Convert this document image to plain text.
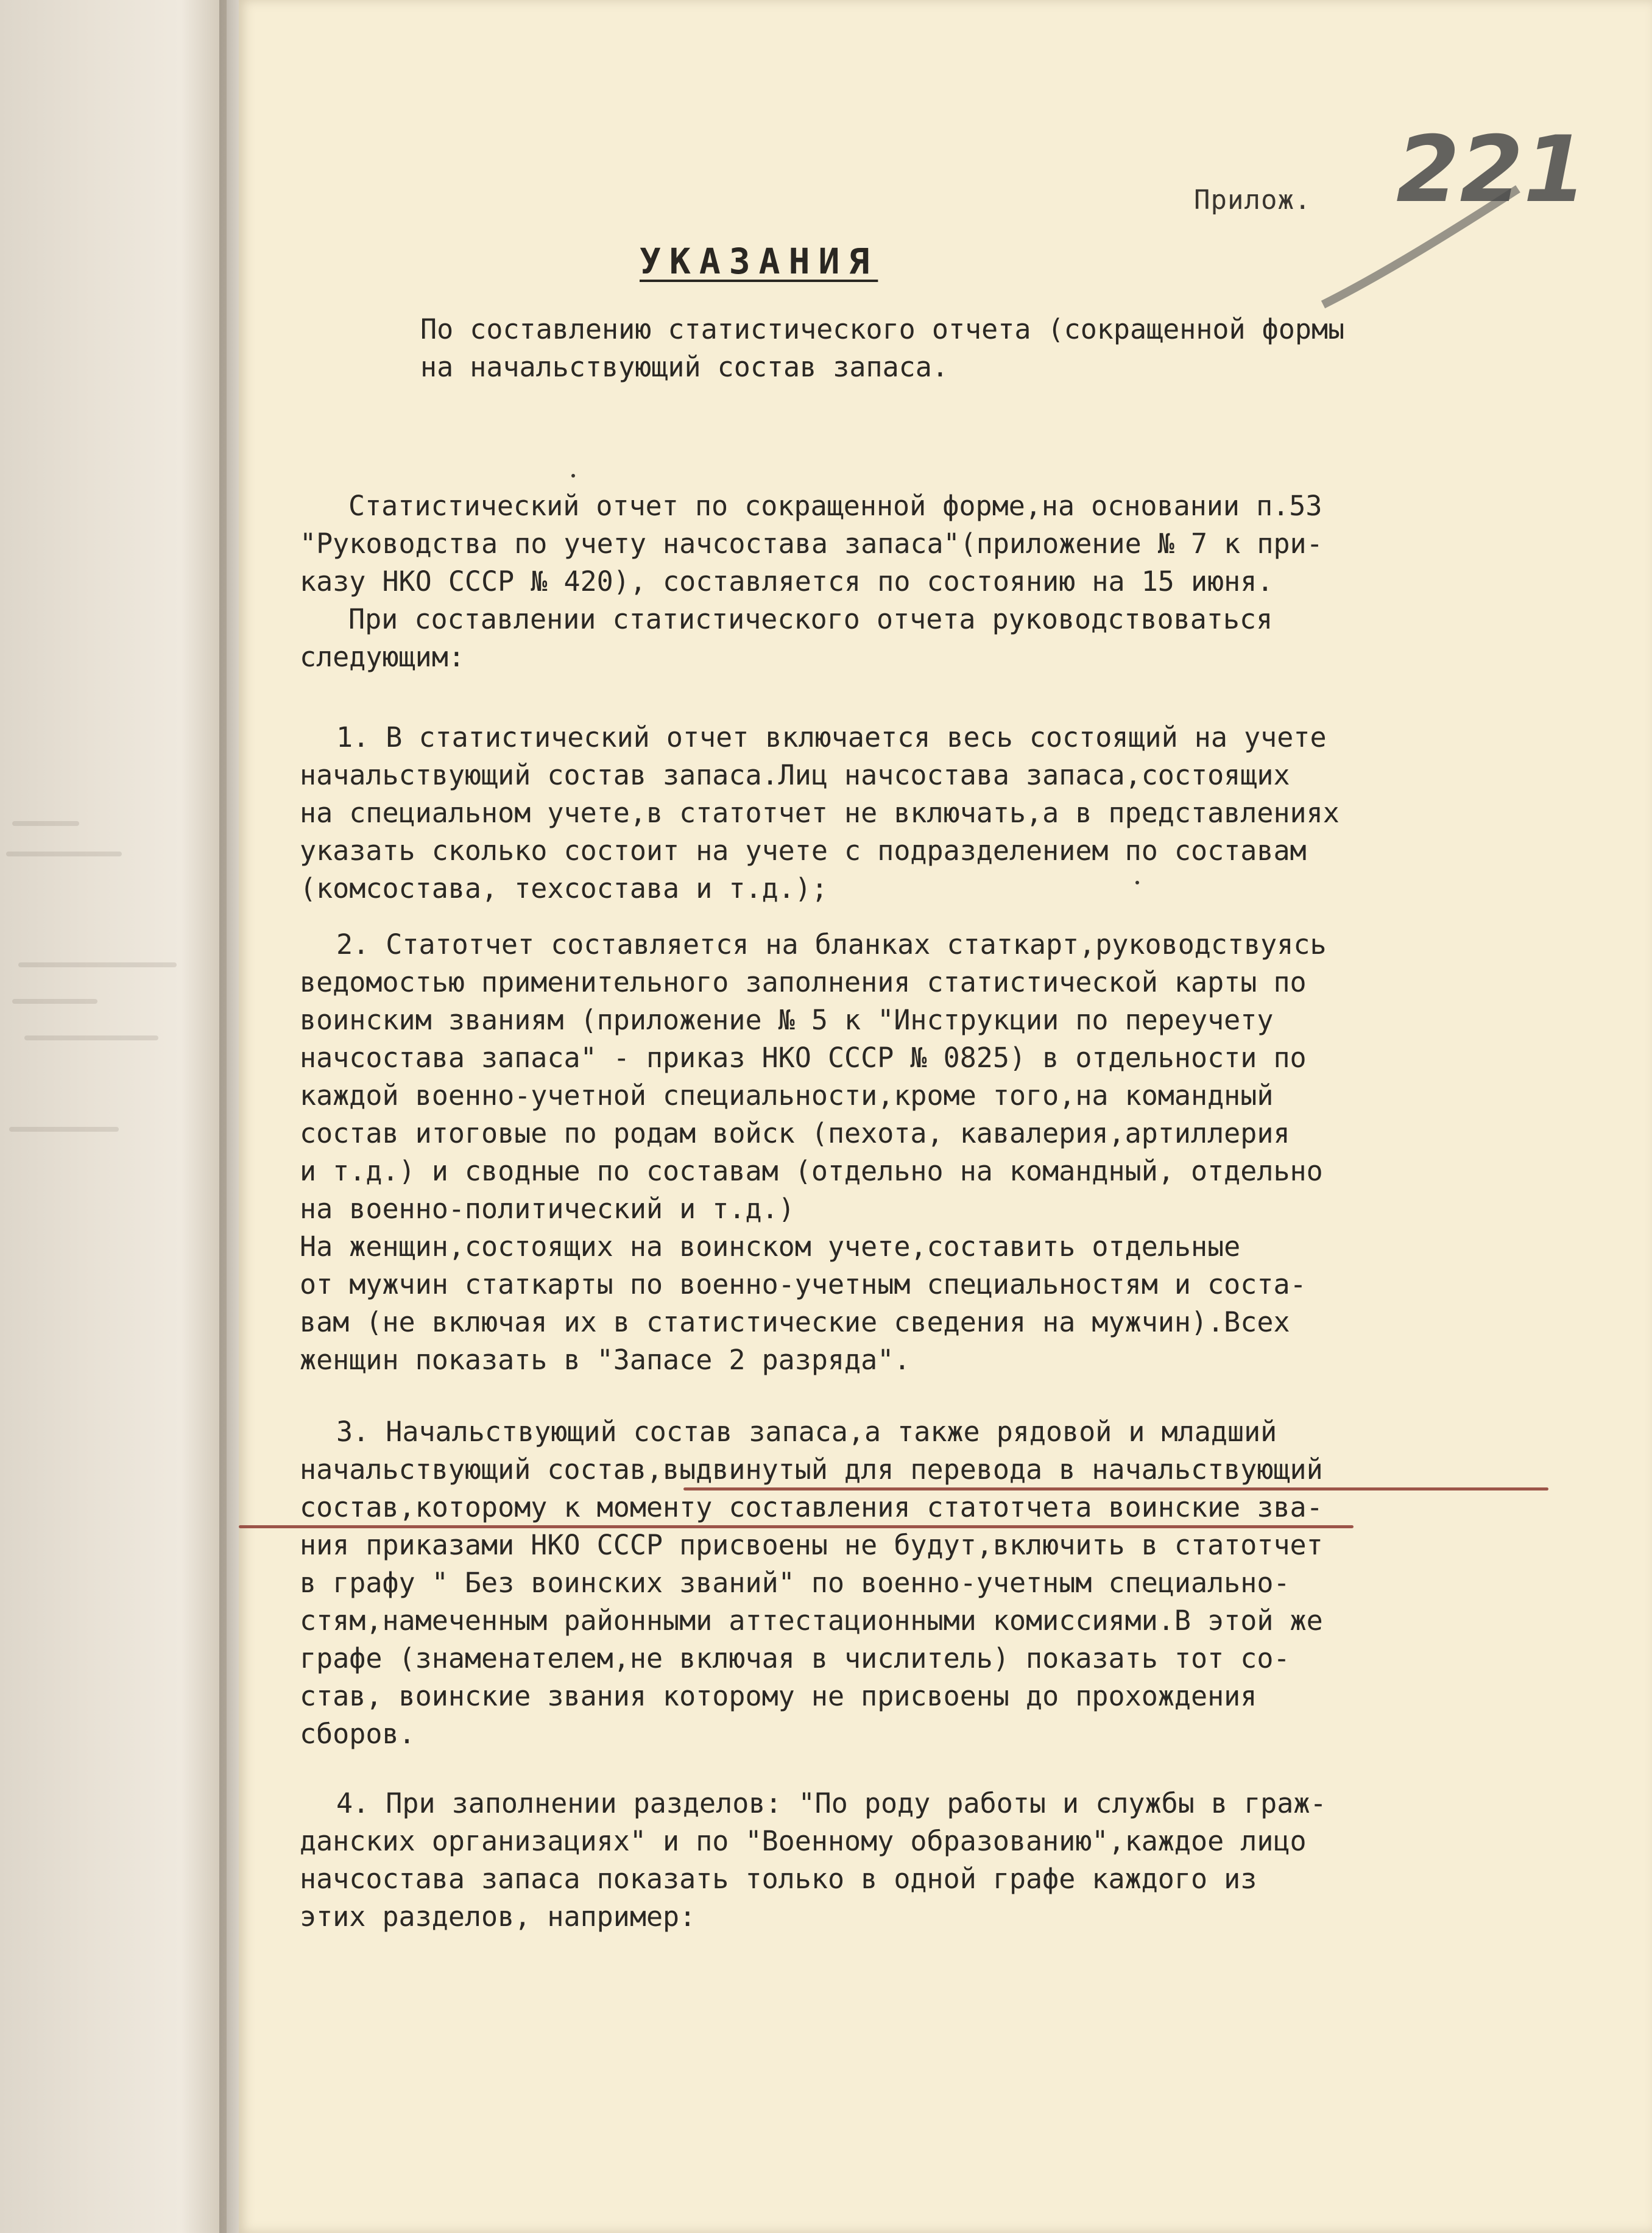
221
Прилож.
УКАЗАНИЯ
По составлению статистического отчета (сокращенной формы
на начальствующий состав запаса.
Статистический отчет по сокращенной форме,на основании п.53
"Руководства по учету начсостава запаса"(приложение № 7 к при-
казу НКО СССР № 420), составляется по состоянию на 15 июня.
При составлении статистического отчета руководствоваться
следующим:
1. В статистический отчет включается весь состоящий на учете
начальствующий состав запаса.Лиц начсостава запаса,состоящих
на специальном учете,в статотчет не включать,а в представлениях
указать сколько состоит на учете с подразделением по составам
(комсостава, техсостава и т.д.);
2. Статотчет составляется на бланках статкарт,руководствуясь
ведомостью применительного заполнения статистической карты по
воинским званиям (приложение № 5 к "Инструкции по переучету
начсостава запаса" - приказ НКО СССР № 0825) в отдельности по
каждой военно-учетной специальности,кроме того,на командный
состав итоговые по родам войск (пехота, кавалерия,артиллерия
и т.д.) и сводные по составам (отдельно на командный, отдельно
на военно-политический и т.д.)
На женщин,состоящих на воинском учете,составить отдельные
от мужчин статкарты по военно-учетным специальностям и соста-
вам (не включая их в статистические сведения на мужчин).Всех
женщин показать в "Запасе 2 разряда".
3. Начальствующий состав запаса,а также рядовой и младший
начальствующий состав,выдвинутый для перевода в начальствующий
состав,которому к моменту составления статотчета воинские зва-
ния приказами НКО СССР присвоены не будут,включить в статотчет
в графу " Без воинских званий" по военно-учетным специально-
стям,намеченным районными аттестационными комиссиями.В этой же
графе (знаменателем,не включая в числитель) показать тот со-
став, воинские звания которому не присвоены до прохождения
сборов.
4. При заполнении разделов: "По роду работы и службы в граж-
данских организациях" и по "Военному образованию",каждое лицо
начсостава запаса показать только в одной графе каждого из
этих разделов, например:
